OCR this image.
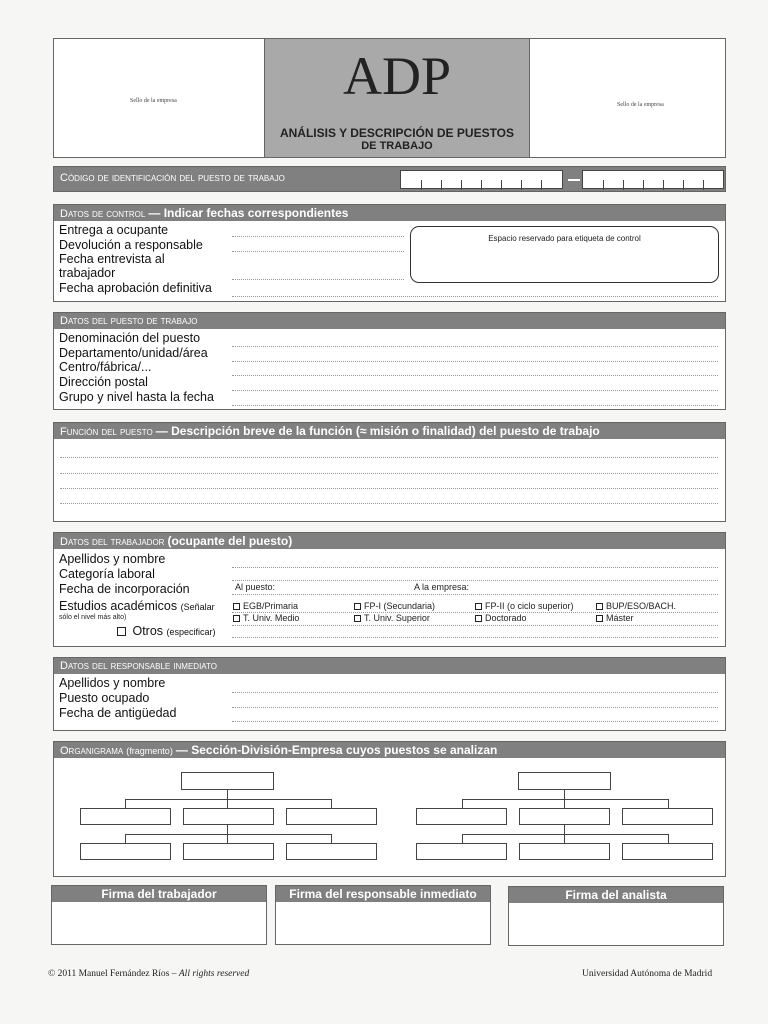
Sello de la empresa	ADP
ANÁLISIS Y DESCRIPCIÓN DE PUESTOS
DE TRABAJO
Sello de la empresa
Código de identificación del puesto de trabajo
Datos de control — Indicar fechas correspondientes
Entrega a ocupante
Devolución a responsable
Fecha entrevista al
trabajador
Fecha aprobación definitiva
Espacio reservado para etiqueta de control
Datos del puesto de trabajo
Denominación del puesto
Departamento/unidad/área
Centro/fábrica/...
Dirección postal
Grupo y nivel hasta la fecha
Función del puesto — Descripción breve de la función (≈ misión o finalidad) del puesto de trabajo
Datos del trabajador (ocupante del puesto)
Apellidos y nombre
Categoría laboral
Fecha de incorporación	Al puesto:	A la empresa:
Estudios académicos (Señalar
sólo el nivel más alto)
EGB/Primaria	FP-I (Secundaria)	FP-II (o ciclo superior)	BUP/ESO/BACH.
T. Univ. Medio	T. Univ. Superior	Doctorado	Máster
Otros (especificar)
Datos del responsable inmediato
Apellidos y nombre
Puesto ocupado
Fecha de antigüedad
Organigrama (fragmento) — Sección-División-Empresa cuyos puestos se analizan
Firma del trabajador	Firma del responsable inmediato	Firma del analista
© 2011 Manuel Fernández Ríos – All rights reserved	Universidad Autónoma de Madrid
